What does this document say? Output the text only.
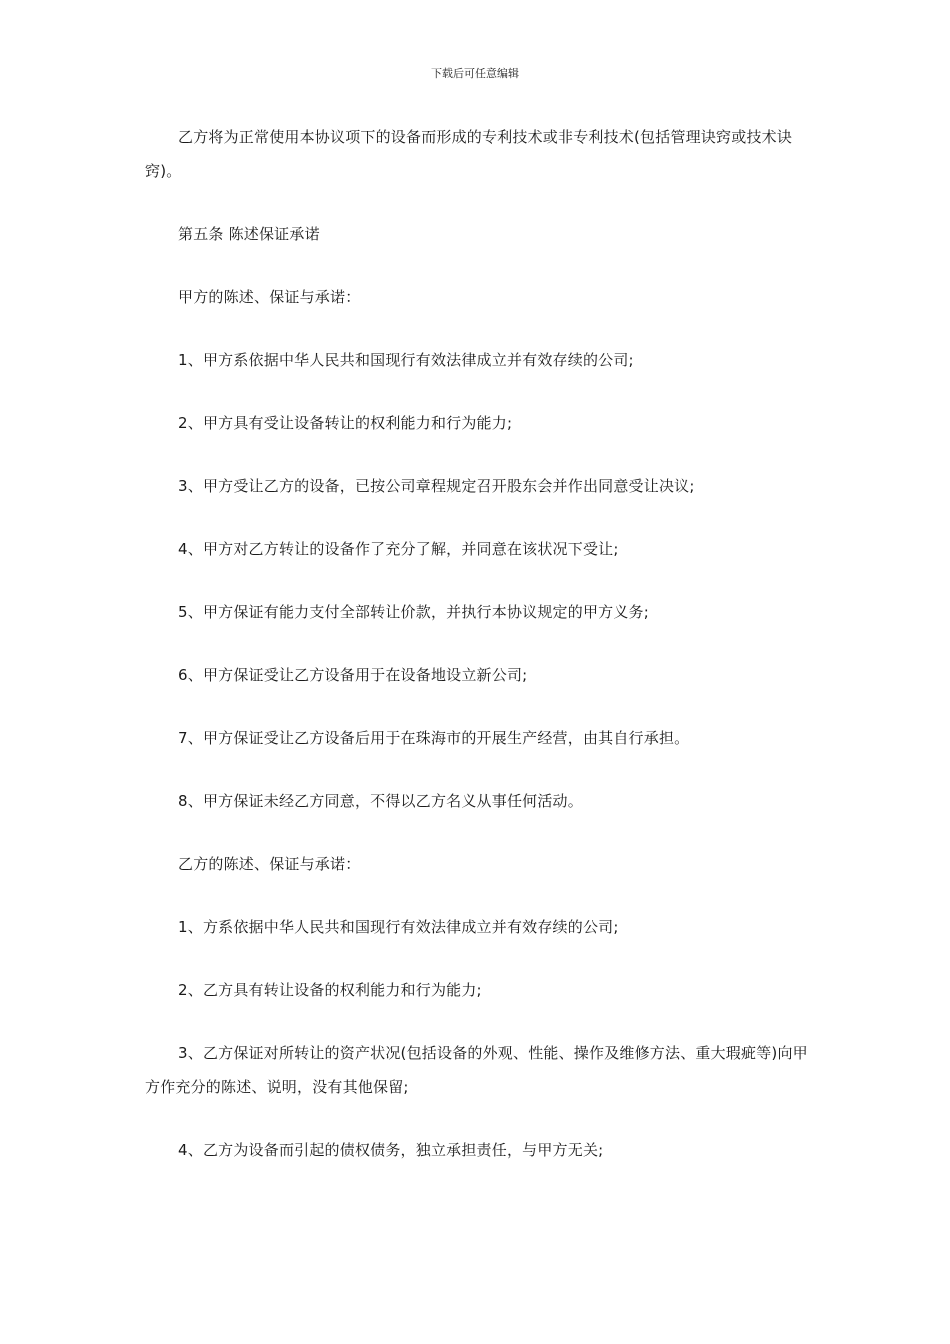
下载后可任意编辑

乙方将为正常使用本协议项下的设备而形成的专利技术或非专利技术(包括管理诀窍或技术诀窍)。

第五条 陈述保证承诺

甲方的陈述、保证与承诺：

1、甲方系依据中华人民共和国现行有效法律成立并有效存续的公司;

2、甲方具有受让设备转让的权利能力和行为能力;

3、甲方受让乙方的设备，已按公司章程规定召开股东会并作出同意受让决议;

4、甲方对乙方转让的设备作了充分了解，并同意在该状况下受让;

5、甲方保证有能力支付全部转让价款，并执行本协议规定的甲方义务;

6、甲方保证受让乙方设备用于在设备地设立新公司;

7、甲方保证受让乙方设备后用于在珠海市的开展生产经营，由其自行承担。

8、甲方保证未经乙方同意，不得以乙方名义从事任何活动。

乙方的陈述、保证与承诺：

1、方系依据中华人民共和国现行有效法律成立并有效存续的公司;

2、乙方具有转让设备的权利能力和行为能力;

3、乙方保证对所转让的资产状况(包括设备的外观、性能、操作及维修方法、重大瑕疵等)向甲方作充分的陈述、说明，没有其他保留;

4、乙方为设备而引起的债权债务，独立承担责任，与甲方无关;
